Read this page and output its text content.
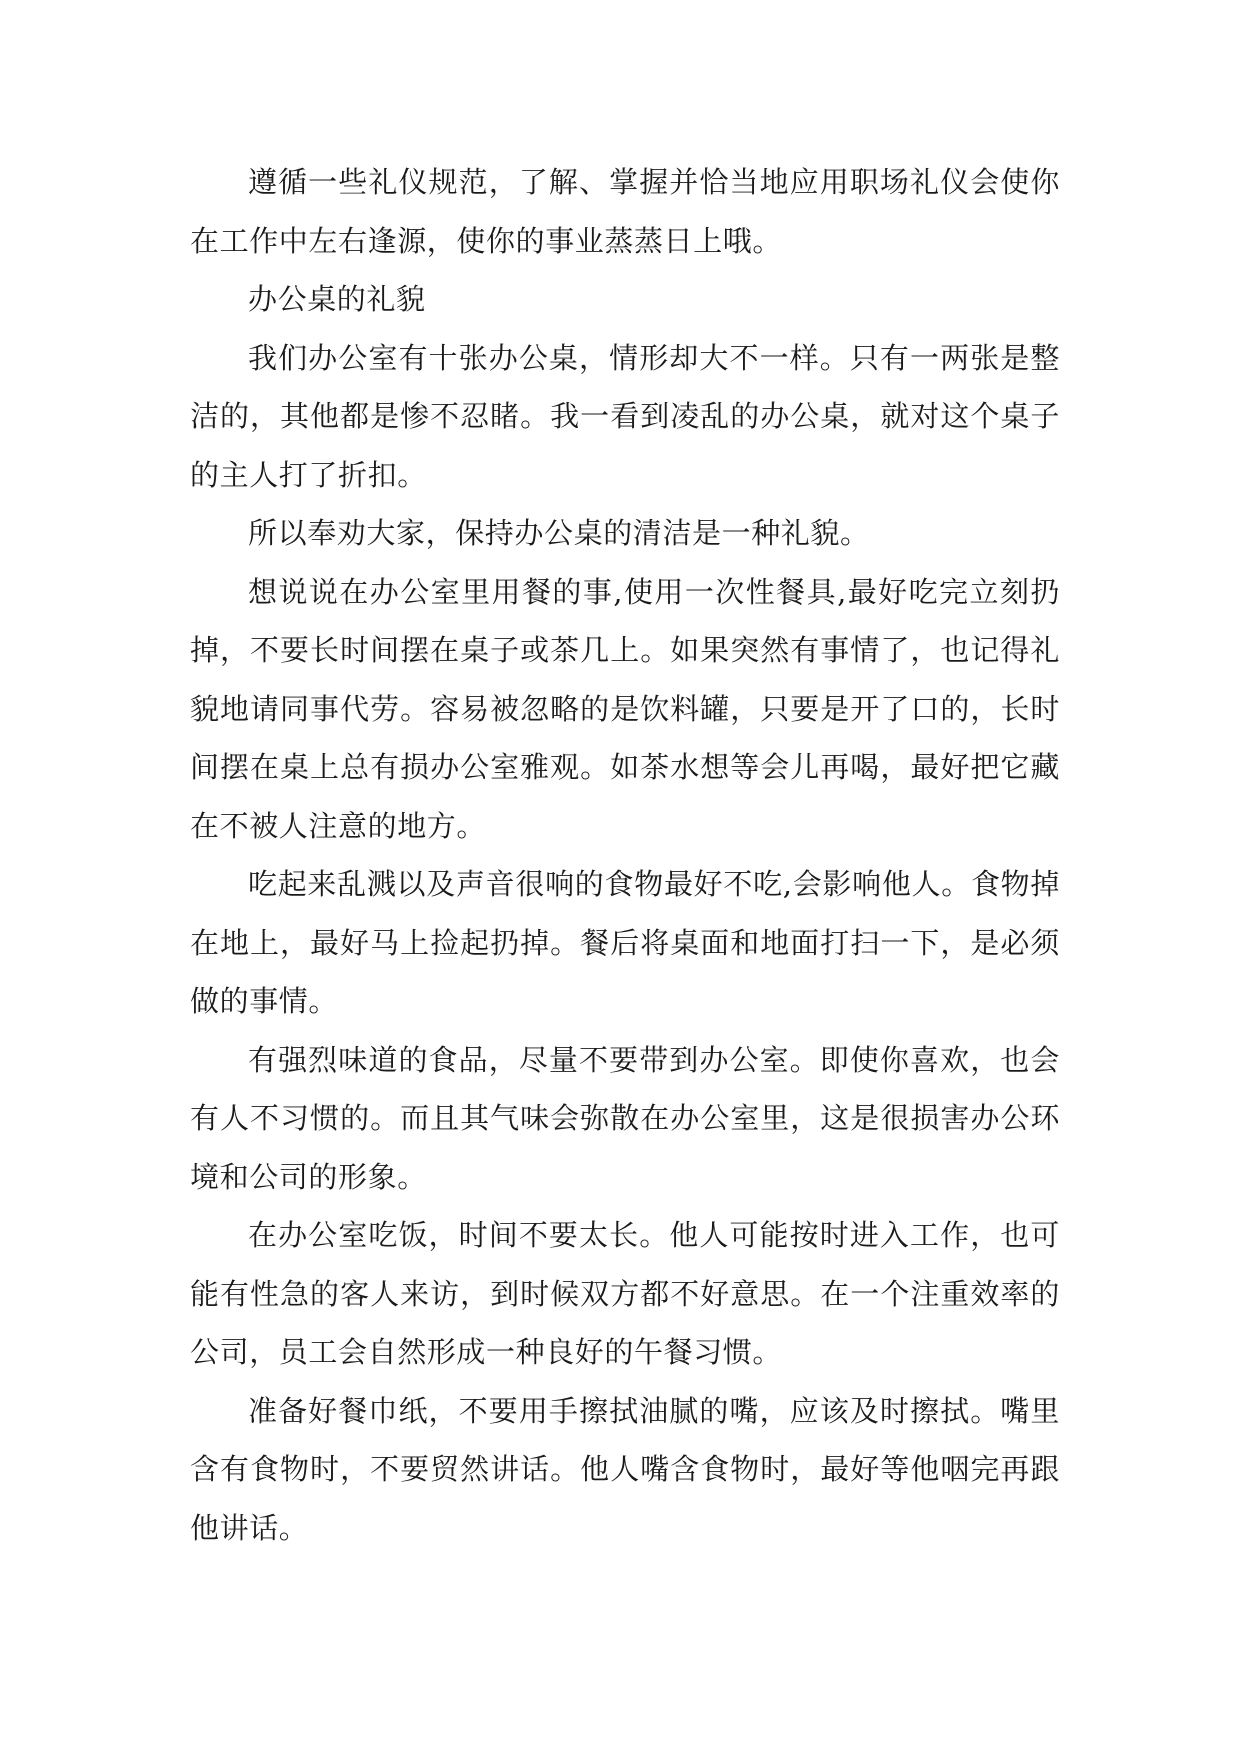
遵循一些礼仪规范，了解、掌握并恰当地应用职场礼仪会使你在工作中左右逢源，使你的事业蒸蒸日上哦。

办公桌的礼貌

我们办公室有十张办公桌，情形却大不一样。只有一两张是整洁的，其他都是惨不忍睹。我一看到凌乱的办公桌，就对这个桌子的主人打了折扣。

所以奉劝大家，保持办公桌的清洁是一种礼貌。

想说说在办公室里用餐的事,使用一次性餐具,最好吃完立刻扔掉，不要长时间摆在桌子或茶几上。如果突然有事情了，也记得礼貌地请同事代劳。容易被忽略的是饮料罐，只要是开了口的，长时间摆在桌上总有损办公室雅观。如茶水想等会儿再喝，最好把它藏在不被人注意的地方。

吃起来乱溅以及声音很响的食物最好不吃,会影响他人。食物掉在地上，最好马上捡起扔掉。餐后将桌面和地面打扫一下，是必须做的事情。

有强烈味道的食品，尽量不要带到办公室。即使你喜欢，也会有人不习惯的。而且其气味会弥散在办公室里，这是很损害办公环境和公司的形象。

在办公室吃饭，时间不要太长。他人可能按时进入工作，也可能有性急的客人来访，到时候双方都不好意思。在一个注重效率的公司，员工会自然形成一种良好的午餐习惯。

准备好餐巾纸，不要用手擦拭油腻的嘴，应该及时擦拭。嘴里含有食物时，不要贸然讲话。他人嘴含食物时，最好等他咽完再跟他讲话。
